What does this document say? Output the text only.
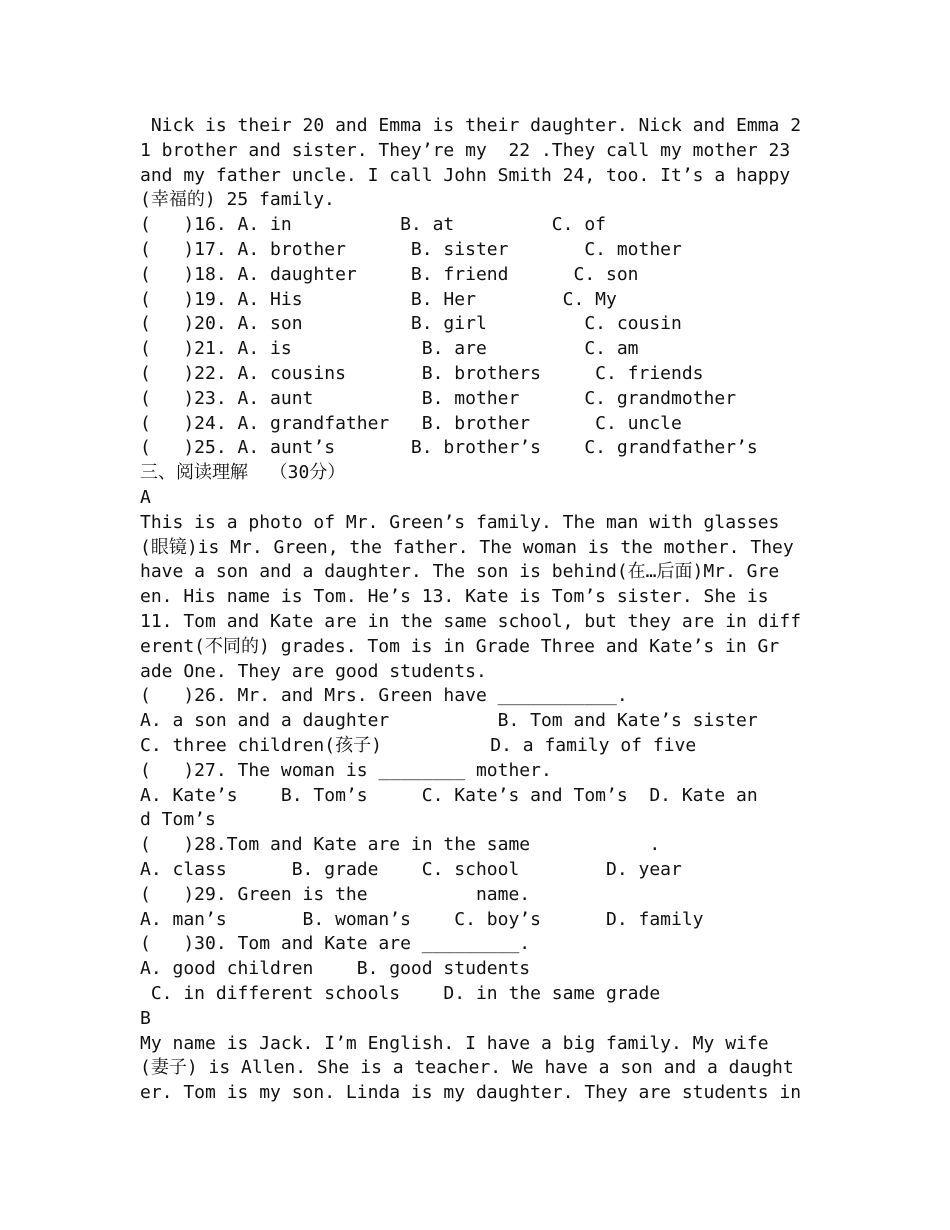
Nick is their 20 and Emma is their daughter. Nick and Emma 2
1 brother and sister. They’re my  22 .They call my mother 23
and my father uncle. I call John Smith 24, too. It’s a happy
(幸福的) 25 family.
(   )16. A. in          B. at         C. of
(   )17. A. brother      B. sister       C. mother
(   )18. A. daughter     B. friend      C. son
(   )19. A. His          B. Her        C. My
(   )20. A. son          B. girl         C. cousin
(   )21. A. is            B. are         C. am
(   )22. A. cousins       B. brothers     C. friends
(   )23. A. aunt          B. mother      C. grandmother
(   )24. A. grandfather   B. brother      C. uncle
(   )25. A. aunt’s       B. brother’s    C. grandfather’s
三、阅读理解  （30分）
A
This is a photo of Mr. Green’s family. The man with glasses
(眼镜)is Mr. Green, the father. The woman is the mother. They
have a son and a daughter. The son is behind(在…后面)Mr. Gre
en. His name is Tom. He’s 13. Kate is Tom’s sister. She is
11. Tom and Kate are in the same school, but they are in diff
erent(不同的) grades. Tom is in Grade Three and Kate’s in Gr
ade One. They are good students.
(   )26. Mr. and Mrs. Green have ___________.
A. a son and a daughter          B. Tom and Kate’s sister
C. three children(孩子)          D. a family of five
(   )27. The woman is ________ mother.
A. Kate’s    B. Tom’s     C. Kate’s and Tom’s  D. Kate an
d Tom’s
(   )28.Tom and Kate are in the same           .
A. class      B. grade    C. school        D. year
(   )29. Green is the          name.
A. man’s       B. woman’s    C. boy’s      D. family
(   )30. Tom and Kate are _________.
A. good children    B. good students
C. in different schools    D. in the same grade
B
My name is Jack. I’m English. I have a big family. My wife
(妻子) is Allen. She is a teacher. We have a son and a daught
er. Tom is my son. Linda is my daughter. They are students in
